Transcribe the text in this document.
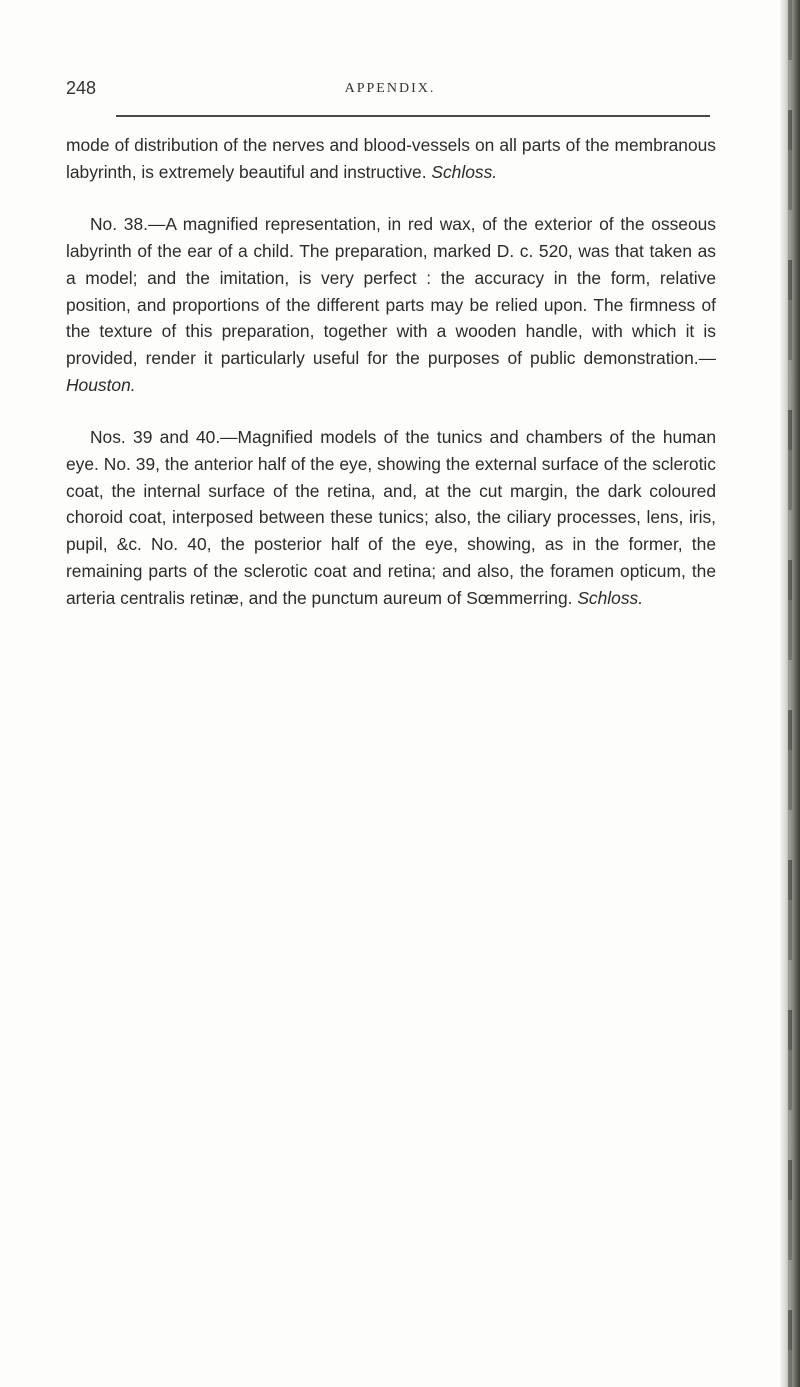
248	APPENDIX.

mode of distribution of the nerves and blood-vessels on all parts of the membranous labyrinth, is extremely beautiful and instructive. Schloss.

No. 38.—A magnified representation, in red wax, of the exterior of the osseous labyrinth of the ear of a child. The preparation, marked D. c. 520, was that taken as a model; and the imitation, is very perfect : the accuracy in the form, relative position, and proportions of the different parts may be relied upon. The firmness of the texture of this preparation, together with a wooden handle, with which it is provided, render it particularly useful for the purposes of public demonstration.—Houston.

Nos. 39 and 40.—Magnified models of the tunics and chambers of the human eye. No. 39, the anterior half of the eye, showing the external surface of the sclerotic coat, the internal surface of the retina, and, at the cut margin, the dark coloured choroid coat, interposed between these tunics; also, the ciliary processes, lens, iris, pupil, &c. No. 40, the posterior half of the eye, showing, as in the former, the remaining parts of the sclerotic coat and retina; and also, the foramen opticum, the arteria centralis retinæ, and the punctum aureum of Sœmmerring. Schloss.
